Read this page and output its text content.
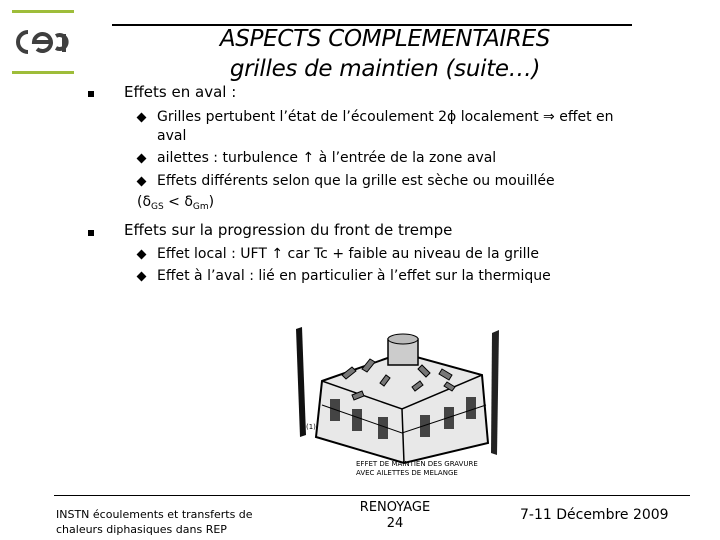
ASPECTS COMPLEMENTAIRES
grilles de maintien (suite…)
Effets en aval :
Grilles pertubent l’état de l’écoulement 2ϕ localement ⇒ effet en
aval
ailettes : turbulence ↑ à l’entrée de la zone aval
Effets différents selon que la grille est sèche ou mouillée
$(\delta_{GS} < \delta_{Gm})$
Effets sur la progression du front de trempe
Effet local : UFT ↑ car Tc + faible au niveau de la grille
Effet à l’aval : lié en particulier à l’effet sur la thermique
(1)
EFFET DE MAINTIEN DES GRAVURE
AVEC AILETTES DE MELANGE
INSTN écoulements et transferts de chaleurs diphasiques dans REP
RENOYAGE
24
7-11 Décembre 2009
